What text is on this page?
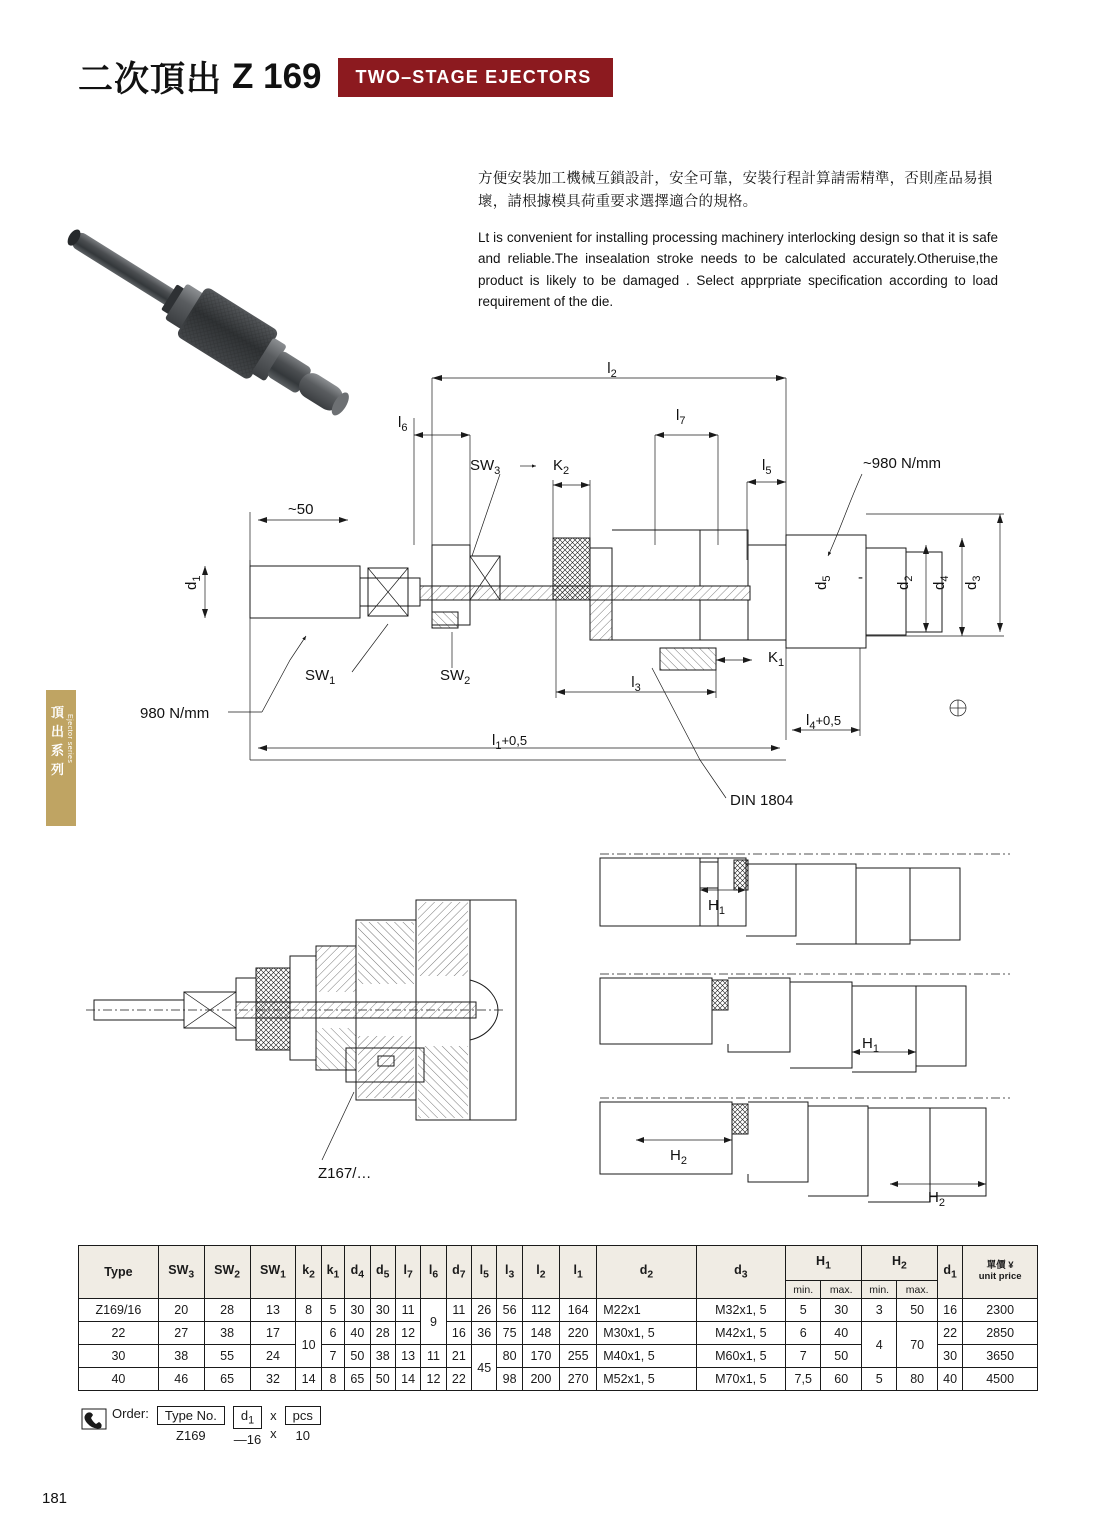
二次頂出 Z 169	TWO–STAGE EJECTORS
頂出系列
Ejector series
方便安裝加工機械互鎖設計，安全可靠，安裝行程計算請需精準，否則產品易損壞，請根據模具荷重要求選擇適合的規格。
Lt is convenient for installing processing machinery interlocking design so that it is safe and reliable.The insealation stroke needs to be calculated accurately.Otheruise,the product is likely to be damaged . Select apprpriate specification according to load requirement of the die.
$l_2$
$l_6$
$l_7$
$l_5$
$SW_3$	$K_2$	~980 N/mm
~50
$d_1$
$d_5 - d_2$
$d_4$
$d_3$
$SW_1$	$SW_2$
980 N/mm
$K_1$
$l_3$
$l_1+0,5$
$l_4+0,5$
DIN 1804
Z167/…
$H_1$
$H_1$
$H_2$
$H_2$
Type	$SW_3$	$SW_2$	$SW_1$	$k_2$	$k_1$	$d_4$	$d_5$	$l_7$	$l_6$	$d_7$	$l_5$	$l_3$	$l_2$	$l_1$	$d_2$	$d_3$	$H_1$		$H_2$		$d_1$	單價 ¥
unit price
																	min.	max.	min.	max.		
Z169/16	20	28	13	8	5	30	30	11	9	11	26	56	112	164	M22x1	M32x1, 5	5	30	3	50	16	2300
22	27	38	17	10	6	40	28	12		16	36	75	148	220	M30x1, 5	M42x1, 5	6	40	4	70	22	2850
30	38	55	24		7	50	38	13	11	21	45	80	170	255	M40x1, 5	M60x1, 5	7	50			30	3650
40	46	65	32	14	8	65	50	14	12	22		98	200	270	M52x1, 5	M70x1, 5	7,5	60	5	80	40	4500
Order:	Type No.
Z169
$d_1$
—16
x
x
pcs
10
181
